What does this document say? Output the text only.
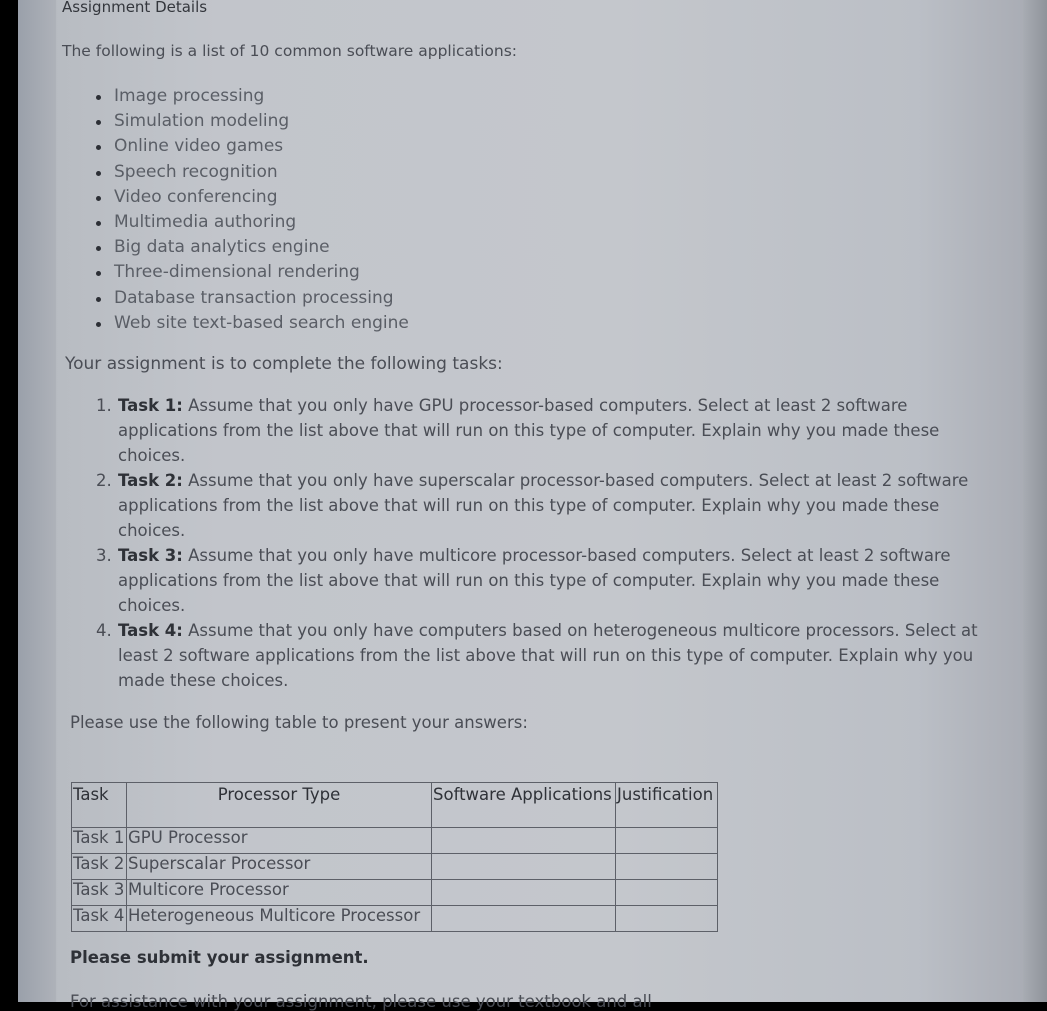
Assignment Details
The following is a list of 10 common software applications:
Image processing
Simulation modeling
Online video games
Speech recognition
Video conferencing
Multimedia authoring
Big data analytics engine
Three-dimensional rendering
Database transaction processing
Web site text-based search engine
Your assignment is to complete the following tasks:
1. Task 1: Assume that you only have GPU processor-based computers. Select at least 2 software applications from the list above that will run on this type of computer. Explain why you made these choices.
2. Task 2: Assume that you only have superscalar processor-based computers. Select at least 2 software applications from the list above that will run on this type of computer. Explain why you made these choices.
3. Task 3: Assume that you only have multicore processor-based computers. Select at least 2 software applications from the list above that will run on this type of computer. Explain why you made these choices.
4. Task 4: Assume that you only have computers based on heterogeneous multicore processors. Select at least 2 software applications from the list above that will run on this type of computer. Explain why you made these choices.
Please use the following table to present your answers:
Task	Processor Type	Software Applications	Justification
Task 1	GPU Processor		
Task 2	Superscalar Processor		
Task 3	Multicore Processor		
Task 4	Heterogeneous Multicore Processor		
Please submit your assignment.
For assistance with your assignment, please use your textbook and all
